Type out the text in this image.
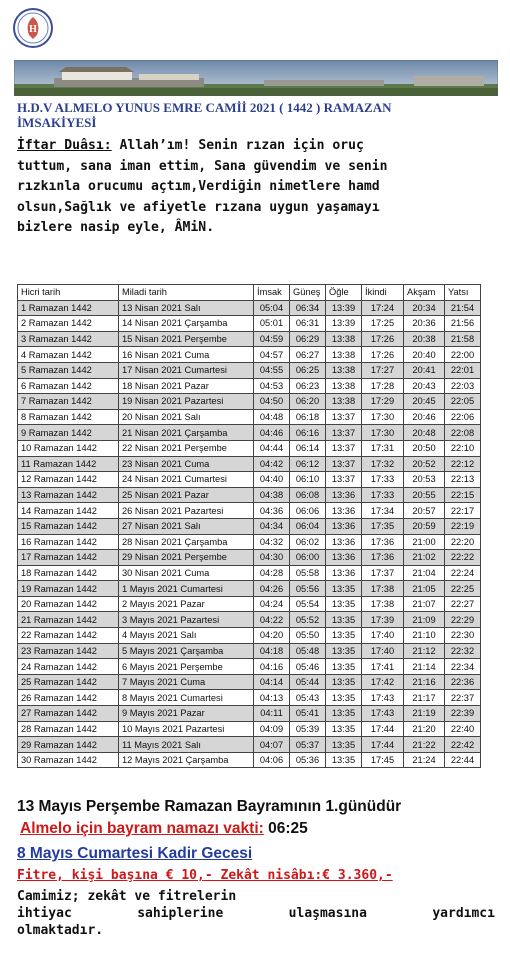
H
H.D.V ALMELO YUNUS EMRE CAMİİ 2021 ( 1442 ) RAMAZAN
İMSAKİYESİ
İftar Duâsı: Allah’ım! Senin rızan için oruç
tuttum, sana iman ettim, Sana güvendim ve senin
rızkınla orucumu açtım,Verdiğin nimetlere hamd
olsun,Sağlık ve afiyetle rızana uygun yaşamayı
bizlere nasip eyle, ÂMiN.
Hicri tarih	Miladi tarih	İmsak	Güneş	Öğle	İkindi	Akşam	Yatsı
1 Ramazan 1442	13 Nisan 2021 Salı	05:04	06:34	13:39	17:24	20:34	21:54
2 Ramazan 1442	14 Nisan 2021 Çarşamba	05:01	06:31	13:39	17:25	20:36	21:56
3 Ramazan 1442	15 Nisan 2021 Perşembe	04:59	06:29	13:38	17:26	20:38	21:58
4 Ramazan 1442	16 Nisan 2021 Cuma	04:57	06:27	13:38	17:26	20:40	22:00
5 Ramazan 1442	17 Nisan 2021 Cumartesi	04:55	06:25	13:38	17:27	20:41	22:01
6 Ramazan 1442	18 Nisan 2021 Pazar	04:53	06:23	13:38	17:28	20:43	22:03
7 Ramazan 1442	19 Nisan 2021 Pazartesi	04:50	06:20	13:38	17:29	20:45	22:05
8 Ramazan 1442	20 Nisan 2021 Salı	04:48	06:18	13:37	17:30	20:46	22:06
9 Ramazan 1442	21 Nisan 2021 Çarşamba	04:46	06:16	13:37	17:30	20:48	22:08
10 Ramazan 1442	22 Nisan 2021 Perşembe	04:44	06:14	13:37	17:31	20:50	22:10
11 Ramazan 1442	23 Nisan 2021 Cuma	04:42	06:12	13:37	17:32	20:52	22:12
12 Ramazan 1442	24 Nisan 2021 Cumartesi	04:40	06:10	13:37	17:33	20:53	22:13
13 Ramazan 1442	25 Nisan 2021 Pazar	04:38	06:08	13:36	17:33	20:55	22:15
14 Ramazan 1442	26 Nisan 2021 Pazartesi	04:36	06:06	13:36	17:34	20:57	22:17
15 Ramazan 1442	27 Nisan 2021 Salı	04:34	06:04	13:36	17:35	20:59	22:19
16 Ramazan 1442	28 Nisan 2021 Çarşamba	04:32	06:02	13:36	17:36	21:00	22:20
17 Ramazan 1442	29 Nisan 2021 Perşembe	04:30	06:00	13:36	17:36	21:02	22:22
18 Ramazan 1442	30 Nisan 2021 Cuma	04:28	05:58	13:36	17:37	21:04	22:24
19 Ramazan 1442	1 Mayıs 2021 Cumartesi	04:26	05:56	13:35	17:38	21:05	22:25
20 Ramazan 1442	2 Mayıs 2021 Pazar	04:24	05:54	13:35	17:38	21:07	22:27
21 Ramazan 1442	3 Mayıs 2021 Pazartesi	04:22	05:52	13:35	17:39	21:09	22:29
22 Ramazan 1442	4 Mayıs 2021 Salı	04:20	05:50	13:35	17:40	21:10	22:30
23 Ramazan 1442	5 Mayıs 2021 Çarşamba	04:18	05:48	13:35	17:40	21:12	22:32
24 Ramazan 1442	6 Mayıs 2021 Perşembe	04:16	05:46	13:35	17:41	21:14	22:34
25 Ramazan 1442	7 Mayıs 2021 Cuma	04:14	05:44	13:35	17:42	21:16	22:36
26 Ramazan 1442	8 Mayıs 2021 Cumartesi	04:13	05:43	13:35	17:43	21:17	22:37
27 Ramazan 1442	9 Mayıs 2021 Pazar	04:11	05:41	13:35	17:43	21:19	22:39
28 Ramazan 1442	10 Mayıs 2021 Pazartesi	04:09	05:39	13:35	17:44	21:20	22:40
29 Ramazan 1442	11 Mayıs 2021 Salı	04:07	05:37	13:35	17:44	21:22	22:42
30 Ramazan 1442	12 Mayıs 2021 Çarşamba	04:06	05:36	13:35	17:45	21:24	22:44
13 Mayıs Perşembe Ramazan Bayramının 1.günüdür
Almelo için bayram namazı vakti: 06:25
8 Mayıs Cumartesi Kadir Gecesi
Fitre, kişi başına € 10,- Zekât nisâbı:€ 3.360,-
Camimiz; zekât ve fitrelerin
ihtiyac	sahiplerine	ulaşmasına	yardımcı
olmaktadır.
